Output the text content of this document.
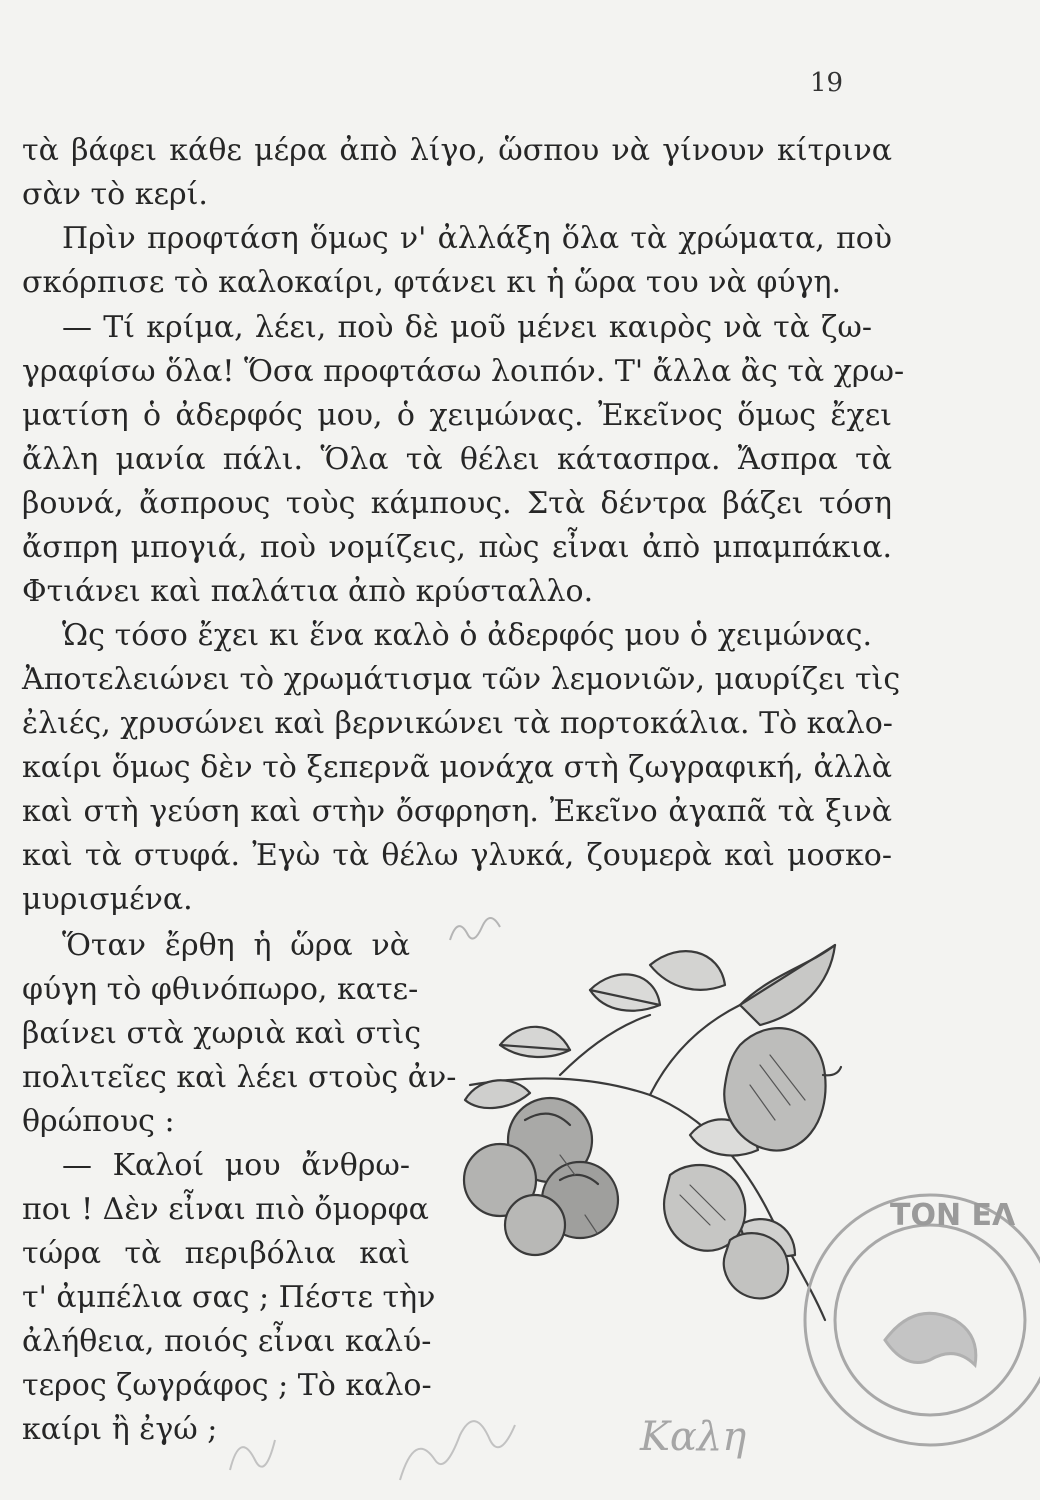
19
τὰ βάφει κάθε μέρα ἀπὸ λίγο, ὥσπου νὰ γίνουν κίτρινα
σὰν τὸ κερί.
Πρὶν προφτάση ὅμως ν' ἀλλάξη ὅλα τὰ χρώματα, ποὺ
σκόρπισε τὸ καλοκαίρι, φτάνει κι ἡ ὥρα του νὰ φύγη.
— Τί κρίμα, λέει, ποὺ δὲ μοῦ μένει καιρὸς νὰ τὰ ζω-
γραφίσω ὅλα! Ὅσα προφτάσω λοιπόν. Τ' ἄλλα ἂς τὰ χρω-
ματίση ὁ ἀδερφός μου, ὁ χειμώνας. Ἐκεῖνος ὅμως ἔχει
ἄλλη μανία πάλι. Ὅλα τὰ θέλει κάτασπρα. Ἄσπρα τὰ
βουνά, ἄσπρους τοὺς κάμπους. Στὰ δέντρα βάζει τόση
ἄσπρη μπογιά, ποὺ νομίζεις, πὼς εἶναι ἀπὸ μπαμπάκια.
Φτιάνει καὶ παλάτια ἀπὸ κρύσταλλο.
Ὡς τόσο ἔχει κι ἕνα καλὸ ὁ ἀδερφός μου ὁ χειμώνας.
Ἀποτελειώνει τὸ χρωμάτισμα τῶν λεμονιῶν, μαυρίζει τὶς
ἐλιές, χρυσώνει καὶ βερνικώνει τὰ πορτοκάλια. Τὸ καλο-
καίρι ὅμως δὲν τὸ ξεπερνᾶ μονάχα στὴ ζωγραφική, ἀλλὰ
καὶ στὴ γεύση καὶ στὴν ὄσφρηση. Ἐκεῖνο ἀγαπᾶ τὰ ξινὰ
καὶ τὰ στυφά. Ἐγὼ τὰ θέλω γλυκά, ζουμερὰ καὶ μοσκο-
μυρισμένα.
Ὅταν ἔρθη ἡ ὥρα νὰ
φύγη τὸ φθινόπωρο, κατε-
βαίνει στὰ χωριὰ καὶ στὶς
πολιτεῖες καὶ λέει στοὺς ἀν-
θρώπους :
— Καλοί μου ἄνθρω-
ποι ! Δὲν εἶναι πιὸ ὄμορφα
τώρα τὰ περιβόλια καὶ
τ' ἀμπέλια σας ; Πέστε τὴν
ἀλήθεια, ποιός εἶναι καλύ-
τερος ζωγράφος ; Τὸ καλο-
καίρι ἢ ἐγώ ;
ΤΟΝ ΕΛ
Καλη
